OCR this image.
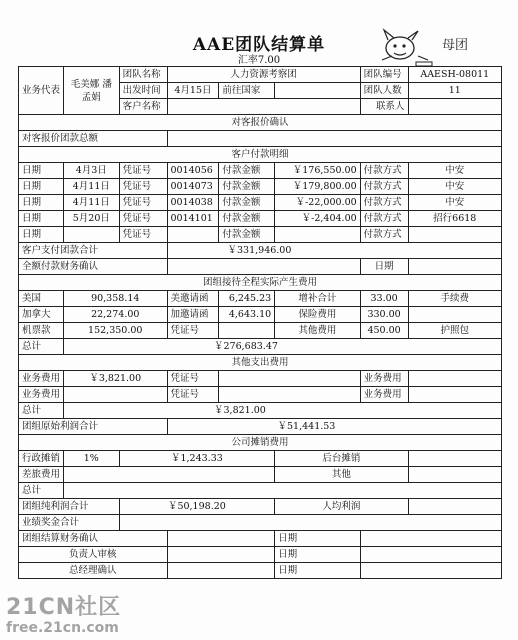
AAE团队结算单
汇率7.00
母团
业务代表	毛美娜 潘孟娟	团队名称	人力资源考察团			团队编号	AAESH-08011
		出发时间	4月15日	前往国家		团队人数	11
		客户名称				联系人	
对客报价确认							
对客报价团款总额							
客户付款明细							
日期	4月3日	凭证号	0014056	付款金额	￥176,550.00	付款方式	中安
日期	4月11日	凭证号	0014073	付款金额	￥179,800.00	付款方式	中安
日期	4月11日	凭证号	0014038	付款金额	￥-22,000.00	付款方式	中安
日期	5月20日	凭证号	0014101	付款金额	￥-2,404.00	付款方式	招行6618
日期		凭证号		付款金额		付款方式	
客户支付团款合计			￥331,946.00				
全额付款财务确认						日期	
团组接待全程实际产生费用							
美国	90,358.14		美邀请函	6,245.23	增补合计	33.00	手续费
加拿大	22,274.00		加邀请函	4,643.10	保险费用	330.00	
机票款	152,350.00		凭证号		其他费用	450.00	护照包
总计	￥276,683.47						
其他支出费用							
业务费用	￥3,821.00		凭证号			业务费用	
业务费用			凭证号			业务费用	
总计	￥3,821.00						
团组原始利润合计			￥51,441.53				
公司摊销费用							
行政摊销	1%	￥1,243.33			后台摊销		
差旅费用					其他		
总计							
团组纯利润合计		￥50,198.20			人均利润		
业绩奖金合计							
团组结算财务确认					日期		
负责人审核					日期		
总经理确认					日期		
21CN社区
free.21cn.com
